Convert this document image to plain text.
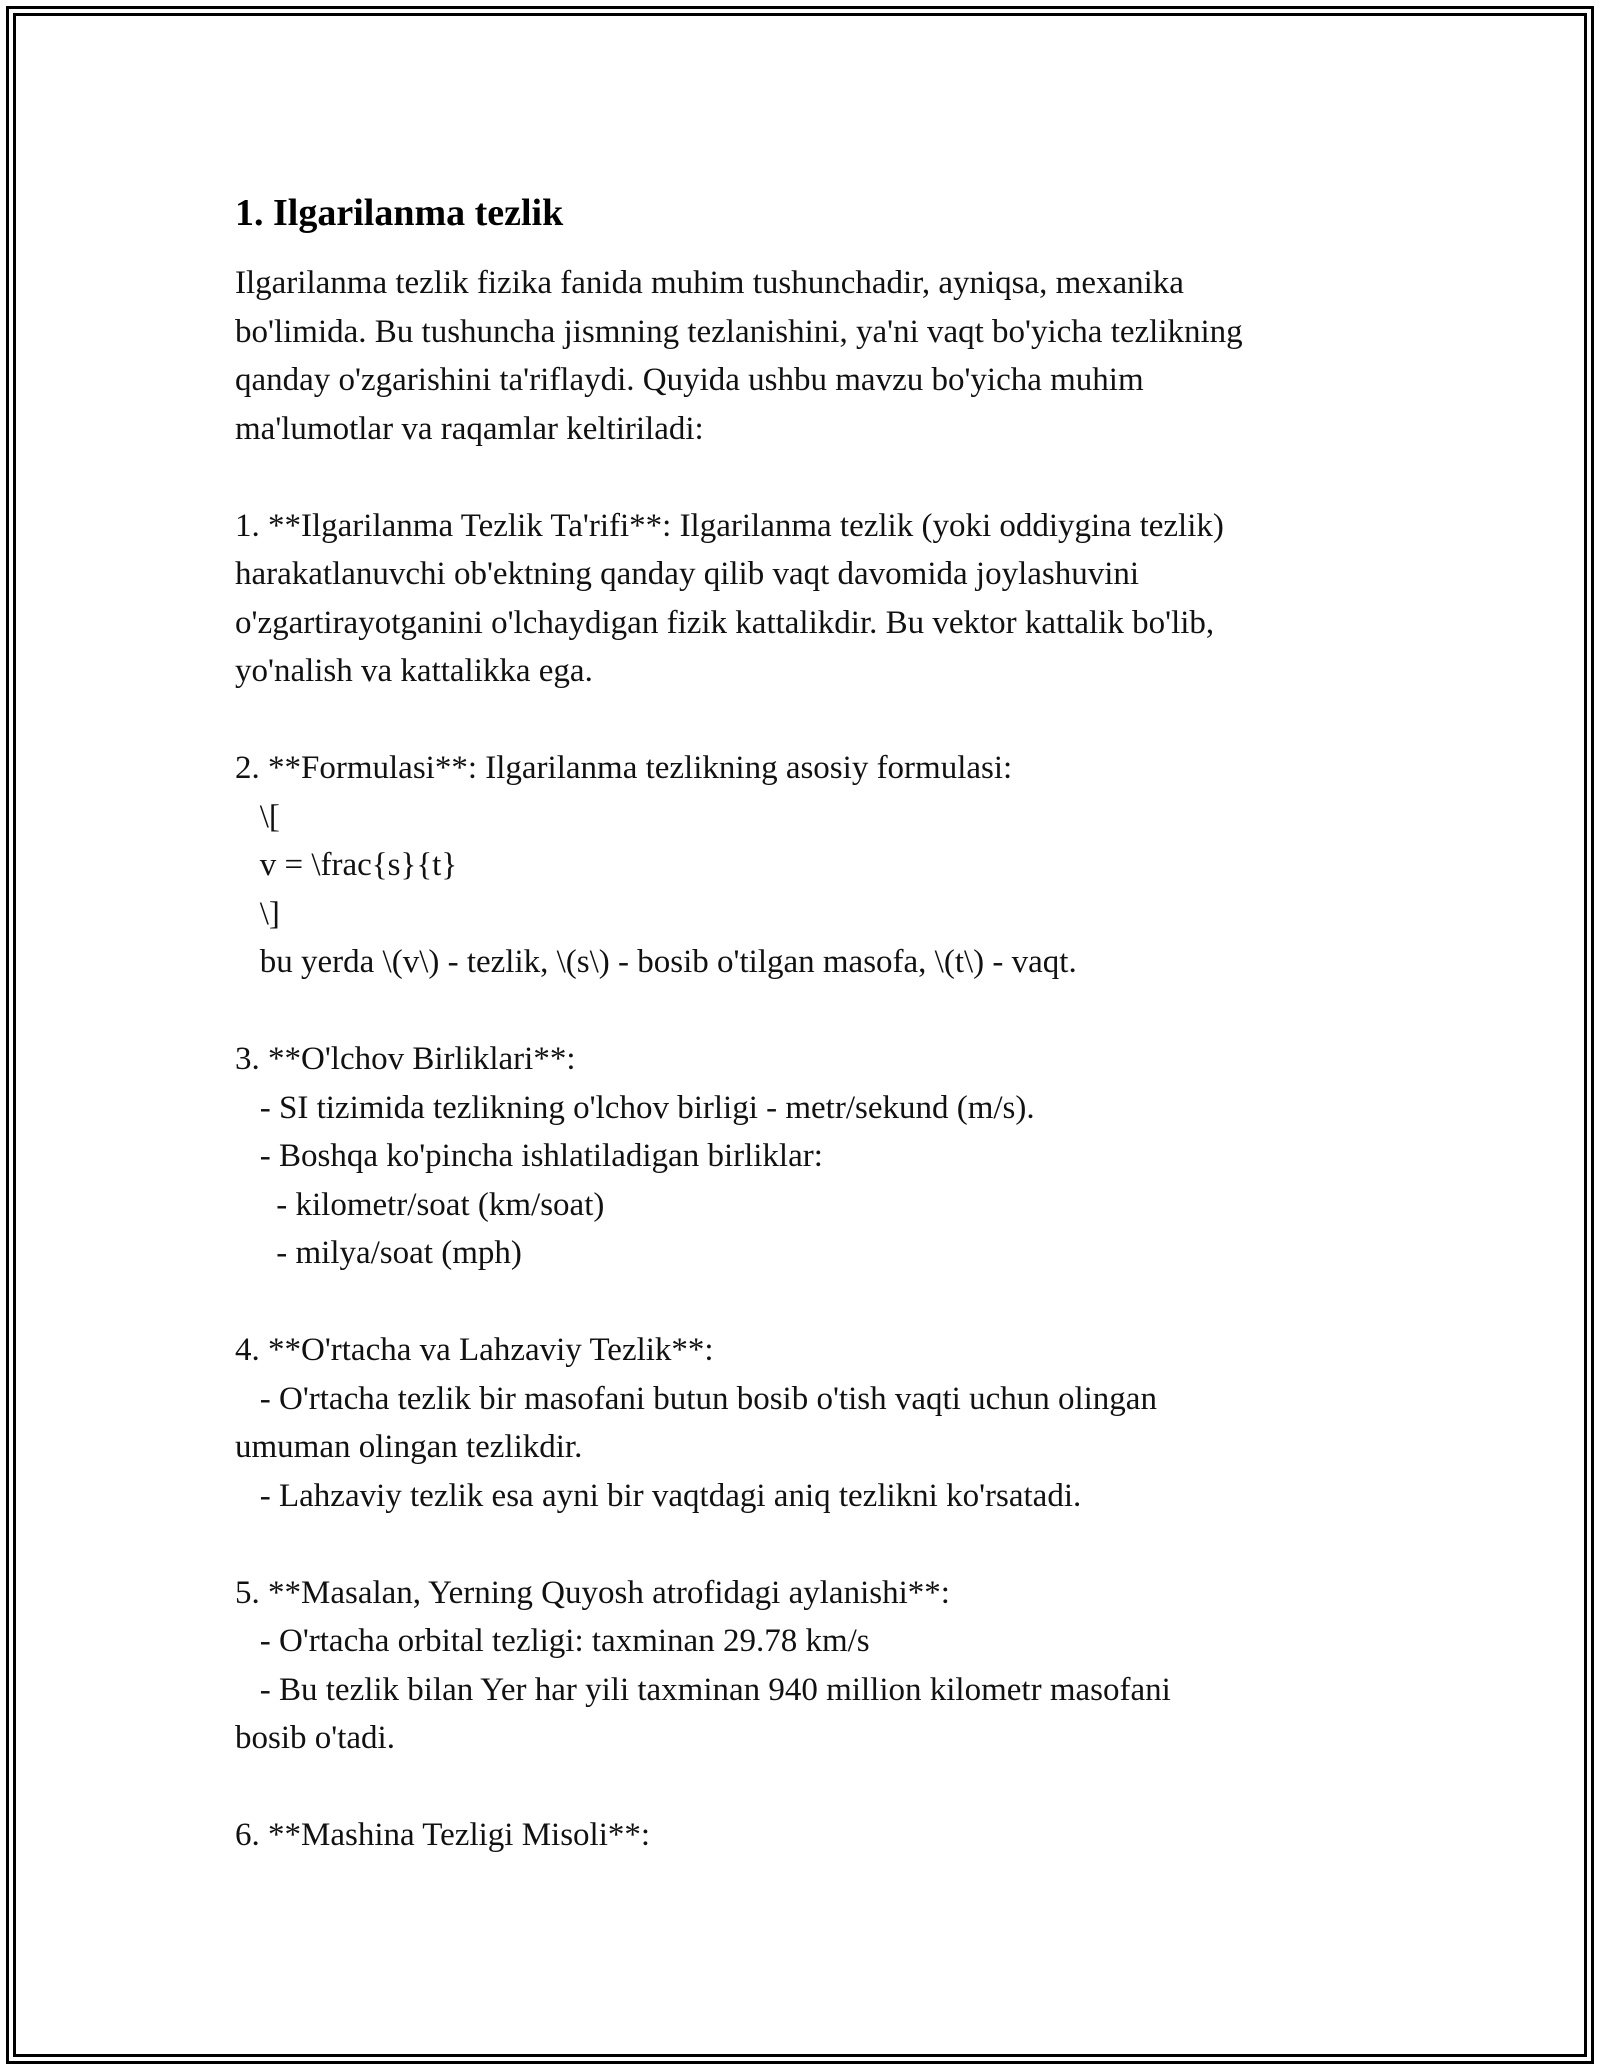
1. Ilgarilanma tezlik

Ilgarilanma tezlik fizika fanida muhim tushunchadir, ayniqsa, mexanika
bo'limida. Bu tushuncha jismning tezlanishini, ya'ni vaqt bo'yicha tezlikning
qanday o'zgarishini ta'riflaydi. Quyida ushbu mavzu bo'yicha muhim
ma'lumotlar va raqamlar keltiriladi:

1. **Ilgarilanma Tezlik Ta'rifi**: Ilgarilanma tezlik (yoki oddiygina tezlik)
harakatlanuvchi ob'ektning qanday qilib vaqt davomida joylashuvini
o'zgartirayotganini o'lchaydigan fizik kattalikdir. Bu vektor kattalik bo'lib,
yo'nalish va kattalikka ega.

2. **Formulasi**: Ilgarilanma tezlikning asosiy formulasi:
\[
v = \frac{s}{t}
\]
bu yerda \(v\) - tezlik, \(s\) - bosib o'tilgan masofa, \(t\) - vaqt.

3. **O'lchov Birliklari**:
- SI tizimida tezlikning o'lchov birligi - metr/sekund (m/s).
- Boshqa ko'pincha ishlatiladigan birliklar:
- kilometr/soat (km/soat)
- milya/soat (mph)

4. **O'rtacha va Lahzaviy Tezlik**:
- O'rtacha tezlik bir masofani butun bosib o'tish vaqti uchun olingan
umuman olingan tezlikdir.
- Lahzaviy tezlik esa ayni bir vaqtdagi aniq tezlikni ko'rsatadi.

5. **Masalan, Yerning Quyosh atrofidagi aylanishi**:
- O'rtacha orbital tezligi: taxminan 29.78 km/s
- Bu tezlik bilan Yer har yili taxminan 940 million kilometr masofani
bosib o'tadi.

6. **Mashina Tezligi Misoli**:
